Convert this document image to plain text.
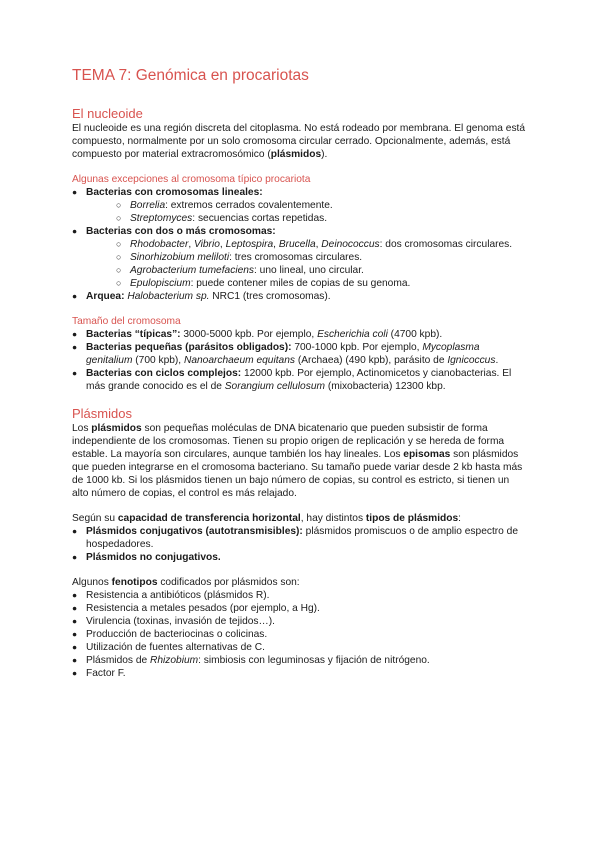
TEMA 7: Genómica en procariotas
El nucleoide

El nucleoide es una región discreta del citoplasma. No está rodeado por membrana. El genoma está compuesto, normalmente por un solo cromosoma circular cerrado. Opcionalmente, además, está compuesto por material extracromosómico (plásmidos).

Algunas excepciones al cromosoma típico procariota
● Bacterias con cromosomas lineales:
○ Borrelia: extremos cerrados covalentemente.
○ Streptomyces: secuencias cortas repetidas.
● Bacterias con dos o más cromosomas:
○ Rhodobacter, Vibrio, Leptospira, Brucella, Deinococcus: dos cromosomas circulares.
○ Sinorhizobium meliloti: tres cromosomas circulares.
○ Agrobacterium tumefaciens: uno lineal, uno circular.
○ Epulopiscium: puede contener miles de copias de su genoma.
● Arquea: Halobacterium sp. NRC1 (tres cromosomas).
Tamaño del cromosoma
● Bacterias “típicas”: 3000-5000 kpb. Por ejemplo, Escherichia coli (4700 kpb).
● Bacterias pequeñas (parásitos obligados): 700-1000 kpb. Por ejemplo, Mycoplasma genitalium (700 kpb), Nanoarchaeum equitans (Archaea) (490 kpb), parásito de Ignicoccus.
● Bacterias con ciclos complejos: 12000 kpb. Por ejemplo, Actinomicetos y cianobacterias. El más grande conocido es el de Sorangium cellulosum (mixobacteria) 12300 kbp.
Plásmidos

Los plásmidos son pequeñas moléculas de DNA bicatenario que pueden subsistir de forma independiente de los cromosomas. Tienen su propio origen de replicación y se hereda de forma estable. La mayoría son circulares, aunque también los hay lineales. Los episomas son plásmidos que pueden integrarse en el cromosoma bacteriano. Su tamaño puede variar desde 2 kb hasta más de 1000 kb. Si los plásmidos tienen un bajo número de copias, su control es estricto, si tienen un alto número de copias, el control es más relajado.

Según su capacidad de transferencia horizontal, hay distintos tipos de plásmidos:

● Plásmidos conjugativos (autotransmisibles): plásmidos promiscuos o de amplio espectro de hospedadores.
● Plásmidos no conjugativos.

Algunos fenotipos codificados por plásmidos son:

● Resistencia a antibióticos (plásmidos R).
● Resistencia a metales pesados (por ejemplo, a Hg).
● Virulencia (toxinas, invasión de tejidos…).
● Producción de bacteriocinas o colicinas.
● Utilización de fuentes alternativas de C.
● Plásmidos de Rhizobium: simbiosis con leguminosas y fijación de nitrógeno.
● Factor F.
